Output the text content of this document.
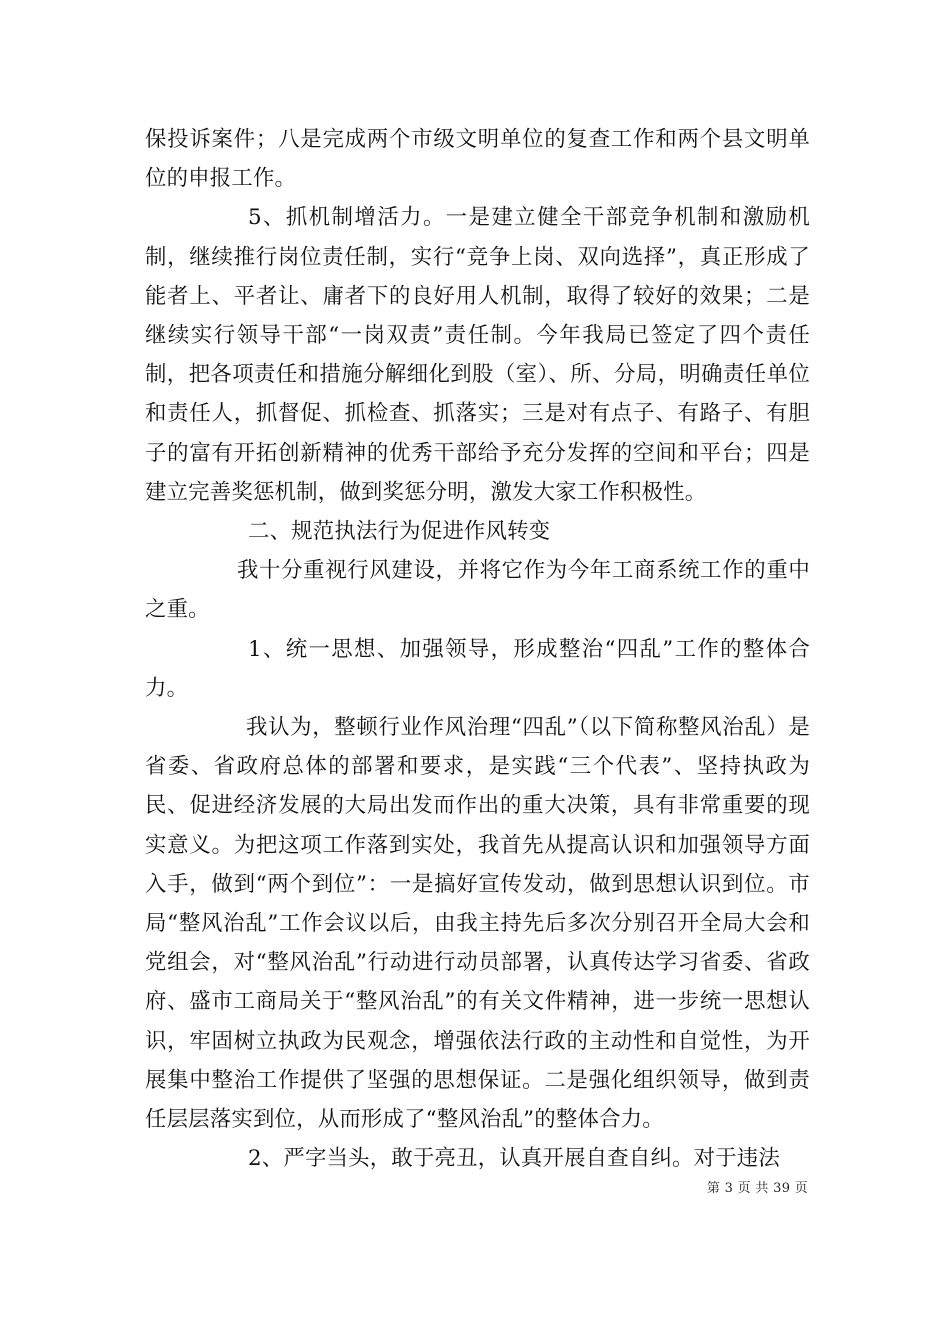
保投诉案件；八是完成两个市级文明单位的复查工作和两个县文明单位的申报工作。

5、抓机制增活力。一是建立健全干部竞争机制和激励机制，继续推行岗位责任制，实行“竞争上岗、双向选择”，真正形成了能者上、平者让、庸者下的良好用人机制，取得了较好的效果；二是继续实行领导干部“一岗双责”责任制。今年我局已签定了四个责任制，把各项责任和措施分解细化到股（室）、所、分局，明确责任单位和责任人，抓督促、抓检查、抓落实；三是对有点子、有路子、有胆子的富有开拓创新精神的优秀干部给予充分发挥的空间和平台；四是建立完善奖惩机制，做到奖惩分明，激发大家工作积极性。

二、规范执法行为促进作风转变

我十分重视行风建设，并将它作为今年工商系统工作的重中之重。

1、统一思想、加强领导，形成整治“四乱”工作的整体合力。

我认为，整顿行业作风治理“四乱”（以下简称整风治乱）是省委、省政府总体的部署和要求，是实践“三个代表”、坚持执政为民、促进经济发展的大局出发而作出的重大决策，具有非常重要的现实意义。为把这项工作落到实处，我首先从提高认识和加强领导方面入手，做到“两个到位”：一是搞好宣传发动，做到思想认识到位。市局“整风治乱”工作会议以后，由我主持先后多次分别召开全局大会和党组会，对“整风治乱”行动进行动员部署，认真传达学习省委、省政府、盛市工商局关于“整风治乱”的有关文件精神，进一步统一思想认识，牢固树立执政为民观念，增强依法行政的主动性和自觉性，为开展集中整治工作提供了坚强的思想保证。二是强化组织领导，做到责任层层落实到位，从而形成了“整风治乱”的整体合力。

2、严字当头，敢于亮丑，认真开展自查自纠。对于违法

第 3 页 共 39 页
